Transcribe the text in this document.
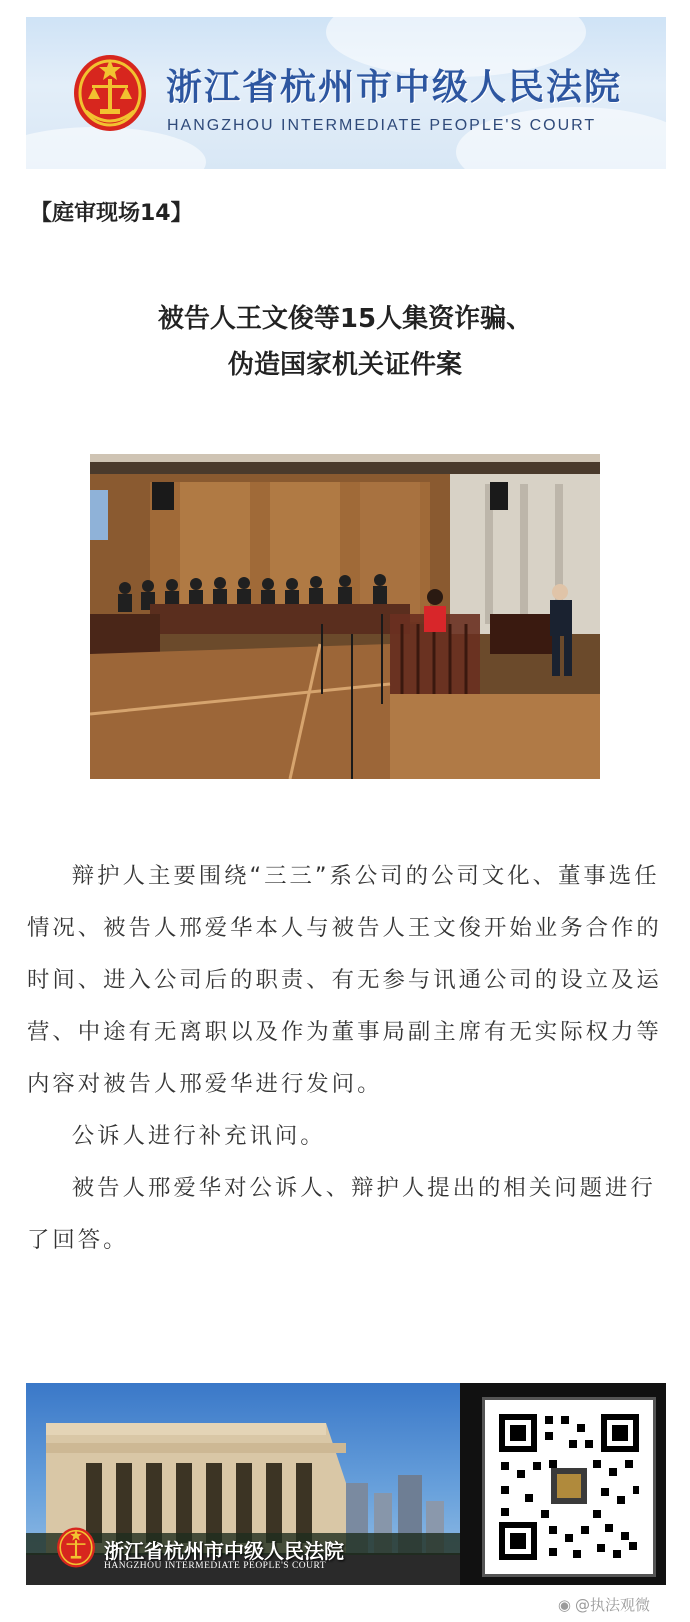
浙江省杭州市中级人民法院
HANGZHOU INTERMEDIATE PEOPLE'S COURT
【庭审现场14】
被告人王文俊等15人集资诈骗、
伪造国家机关证件案

辩护人主要围绕“三三”系公司的公司文化、董事选任情况、被告人邢爱华本人与被告人王文俊开始业务合作的时间、进入公司后的职责、有无参与讯通公司的设立及运营、中途有无离职以及作为董事局副主席有无实际权力等内容对被告人邢爱华进行发问。

公诉人进行补充讯问。

被告人邢爱华对公诉人、辩护人提出的相关问题进行了回答。

浙江省杭州市中级人民法院
HANGZHOU INTERMEDIATE PEOPLE'S COURT
◉ @执法观微
